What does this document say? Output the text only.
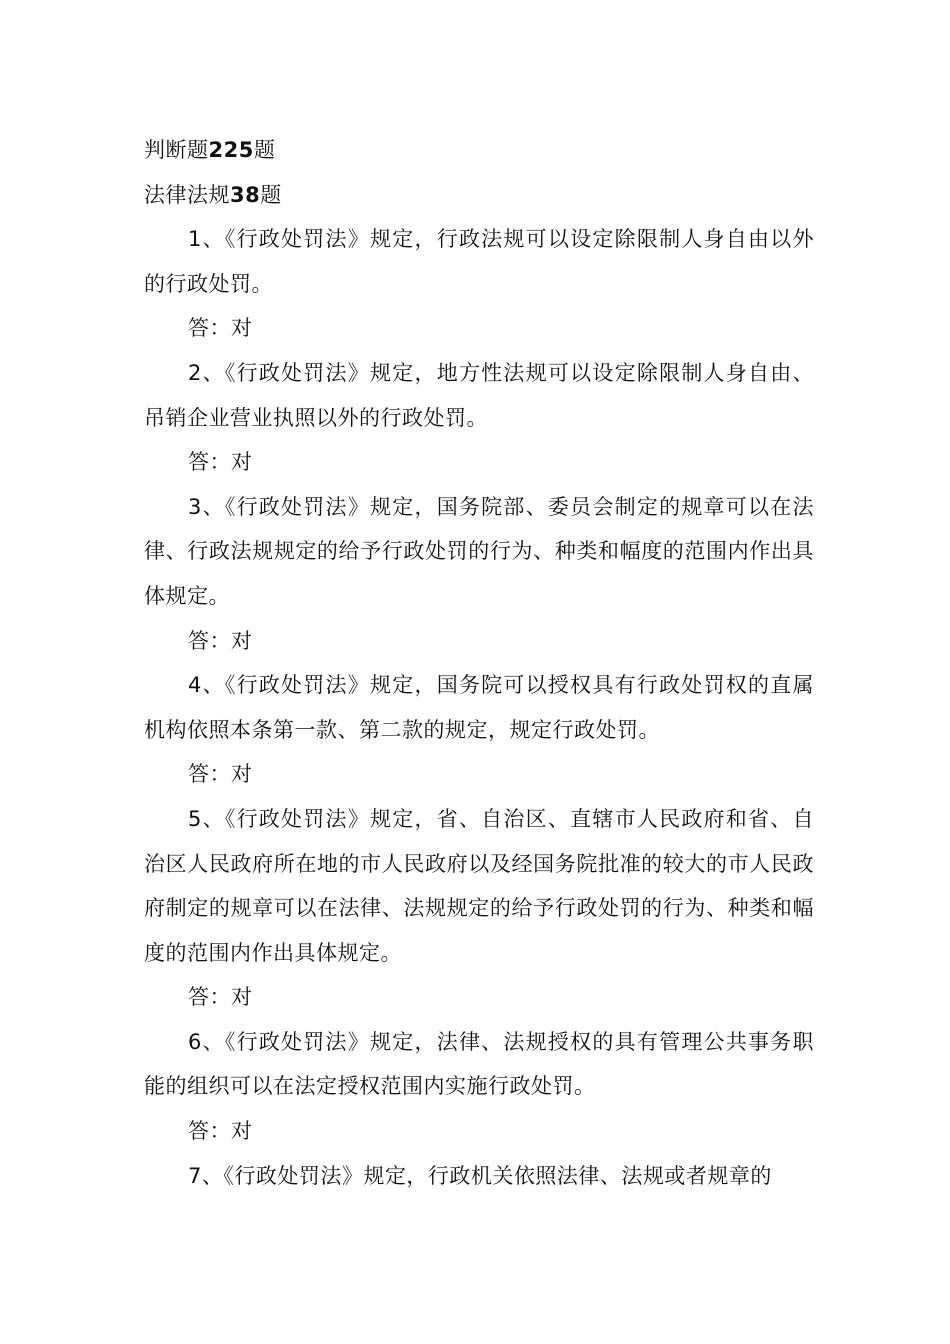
判断题225题

法律法规38题

1、《行政处罚法》规定，行政法规可以设定除限制人身自由以外的行政处罚。

答：对

2、《行政处罚法》规定，地方性法规可以设定除限制人身自由、吊销企业营业执照以外的行政处罚。

答：对

3、《行政处罚法》规定，国务院部、委员会制定的规章可以在法律、行政法规规定的给予行政处罚的行为、种类和幅度的范围内作出具体规定。

答：对

4、《行政处罚法》规定，国务院可以授权具有行政处罚权的直属机构依照本条第一款、第二款的规定，规定行政处罚。

答：对

5、《行政处罚法》规定，省、自治区、直辖市人民政府和省、自治区人民政府所在地的市人民政府以及经国务院批准的较大的市人民政府制定的规章可以在法律、法规规定的给予行政处罚的行为、种类和幅度的范围内作出具体规定。

答：对

6、《行政处罚法》规定，法律、法规授权的具有管理公共事务职能的组织可以在法定授权范围内实施行政处罚。

答：对

7、《行政处罚法》规定，行政机关依照法律、法规或者规章的
